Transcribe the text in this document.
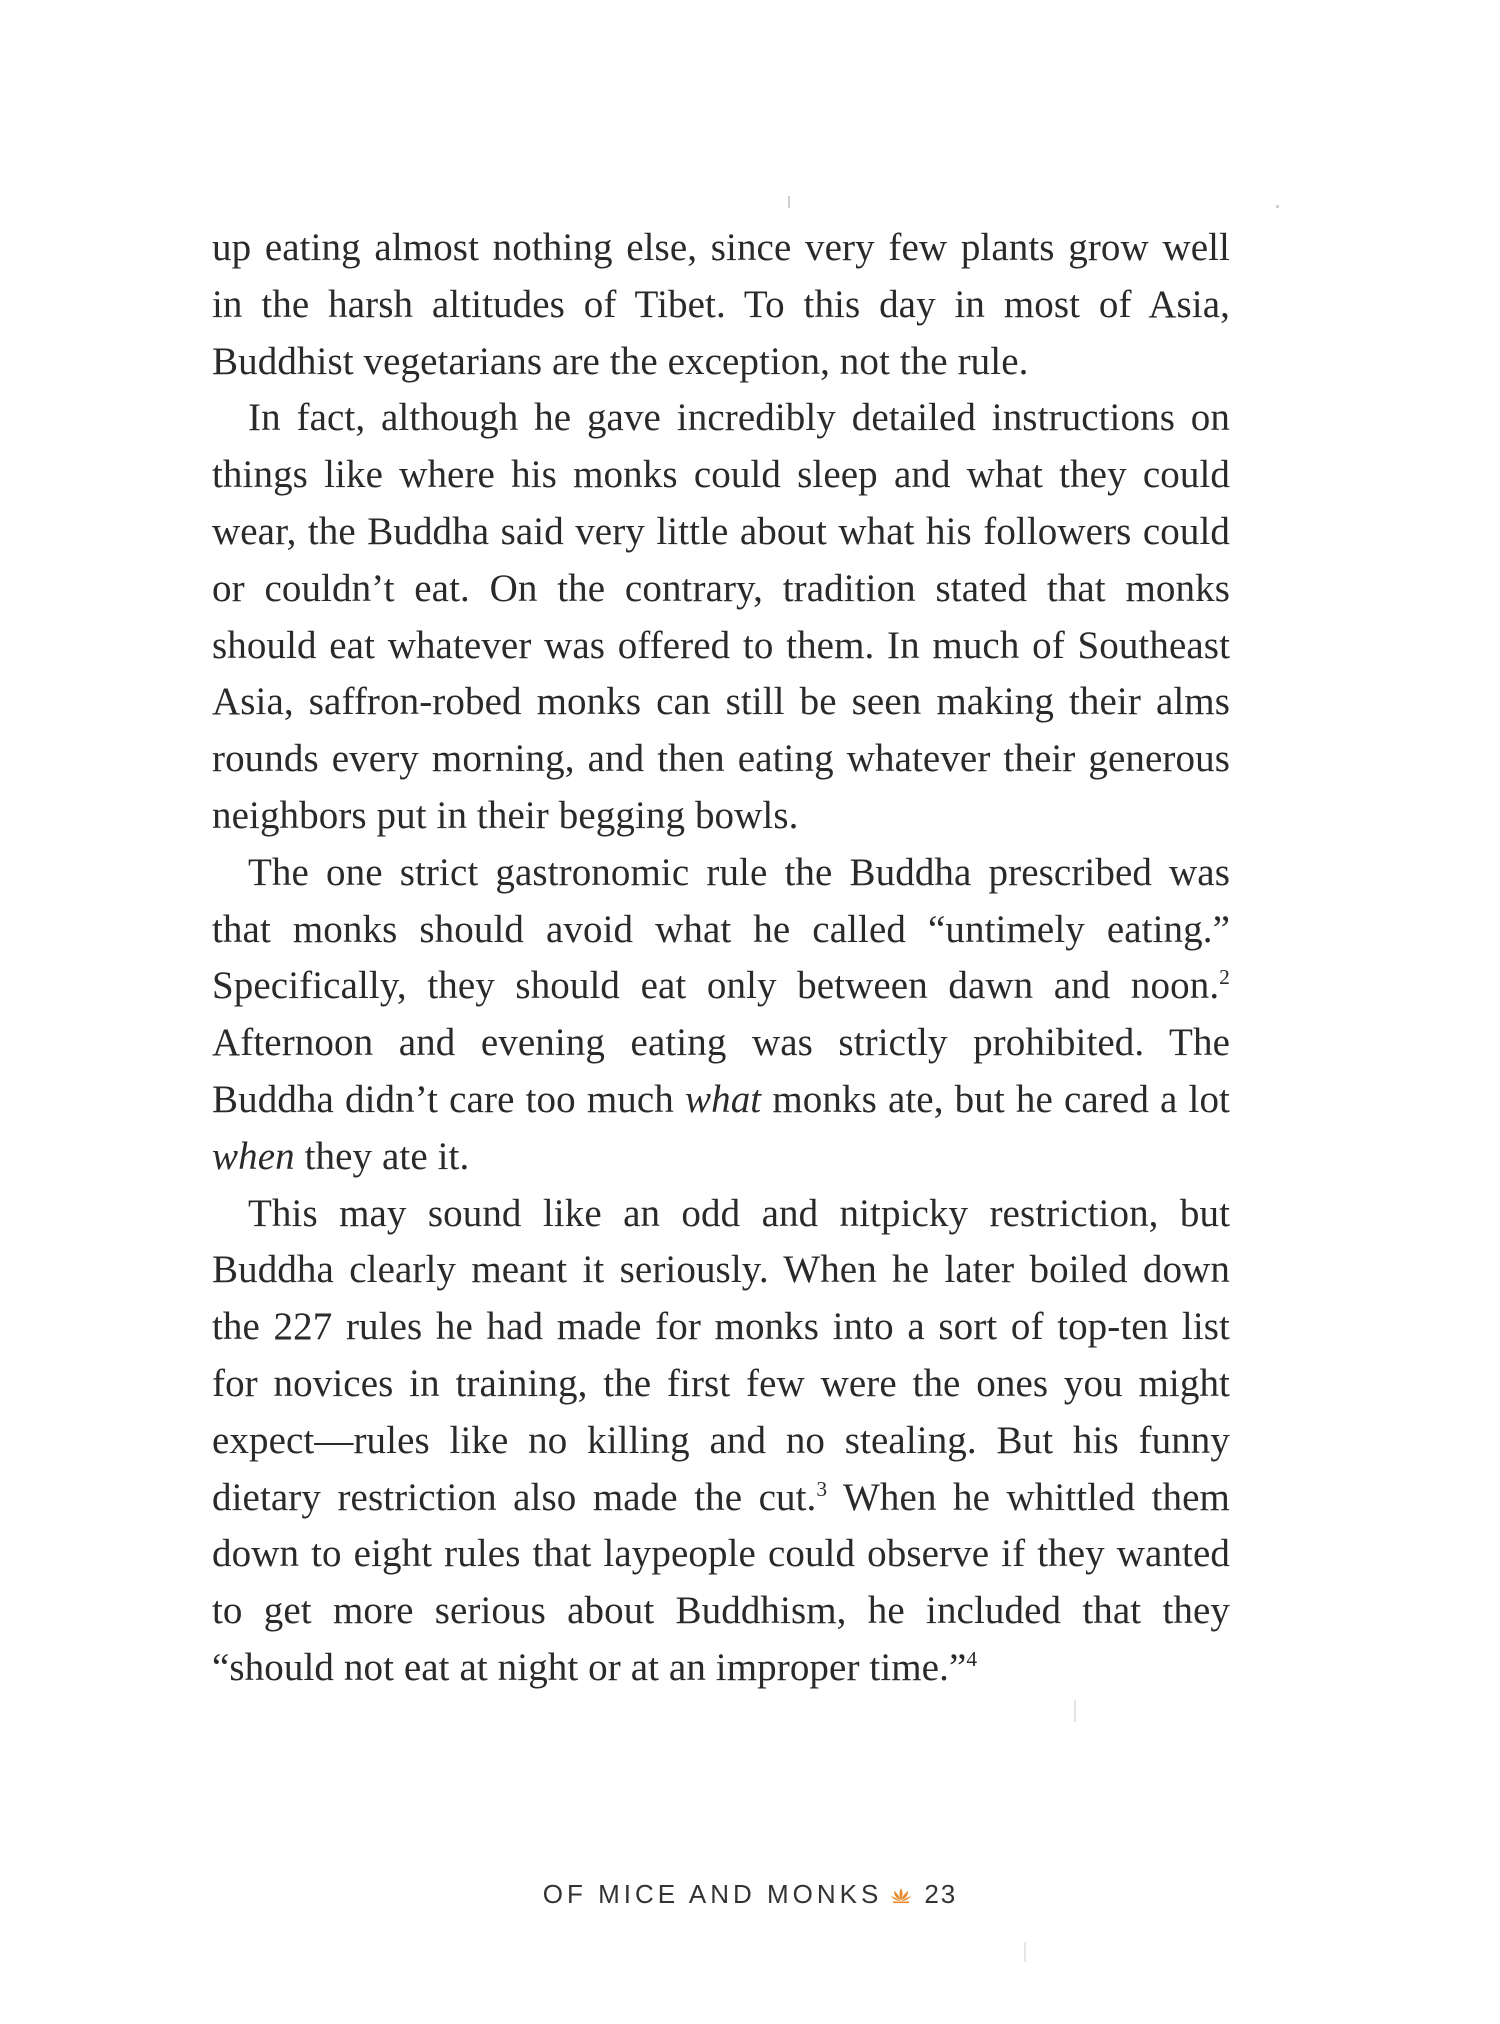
up eating almost nothing else, since very few plants grow well in the harsh altitudes of Tibet. To this day in most of Asia, Buddhist vegetarians are the exception, not the rule.

In fact, although he gave incredibly detailed instructions on things like where his monks could sleep and what they could wear, the Buddha said very little about what his followers could or couldn’t eat. On the contrary, tradition stated that monks should eat whatever was offered to them. In much of Southeast Asia, saffron-robed monks can still be seen making their alms rounds every morning, and then eating whatever their generous neighbors put in their begging bowls.

The one strict gastronomic rule the Buddha prescribed was that monks should avoid what he called “untimely eating.” Specifically, they should eat only between dawn and noon.$^2$ Afternoon and evening eating was strictly prohibited. The Buddha didn’t care too much what monks ate, but he cared a lot when they ate it.

This may sound like an odd and nitpicky restriction, but Buddha clearly meant it seriously. When he later boiled down the 227 rules he had made for monks into a sort of top-ten list for novices in training, the first few were the ones you might expect—rules like no killing and no stealing. But his funny dietary restriction also made the cut.$^3$ When he whittled them down to eight rules that laypeople could observe if they wanted to get more serious about Buddhism, he included that they “should not eat at night or at an improper time.”$^4$

OF MICE AND MONKS 23
